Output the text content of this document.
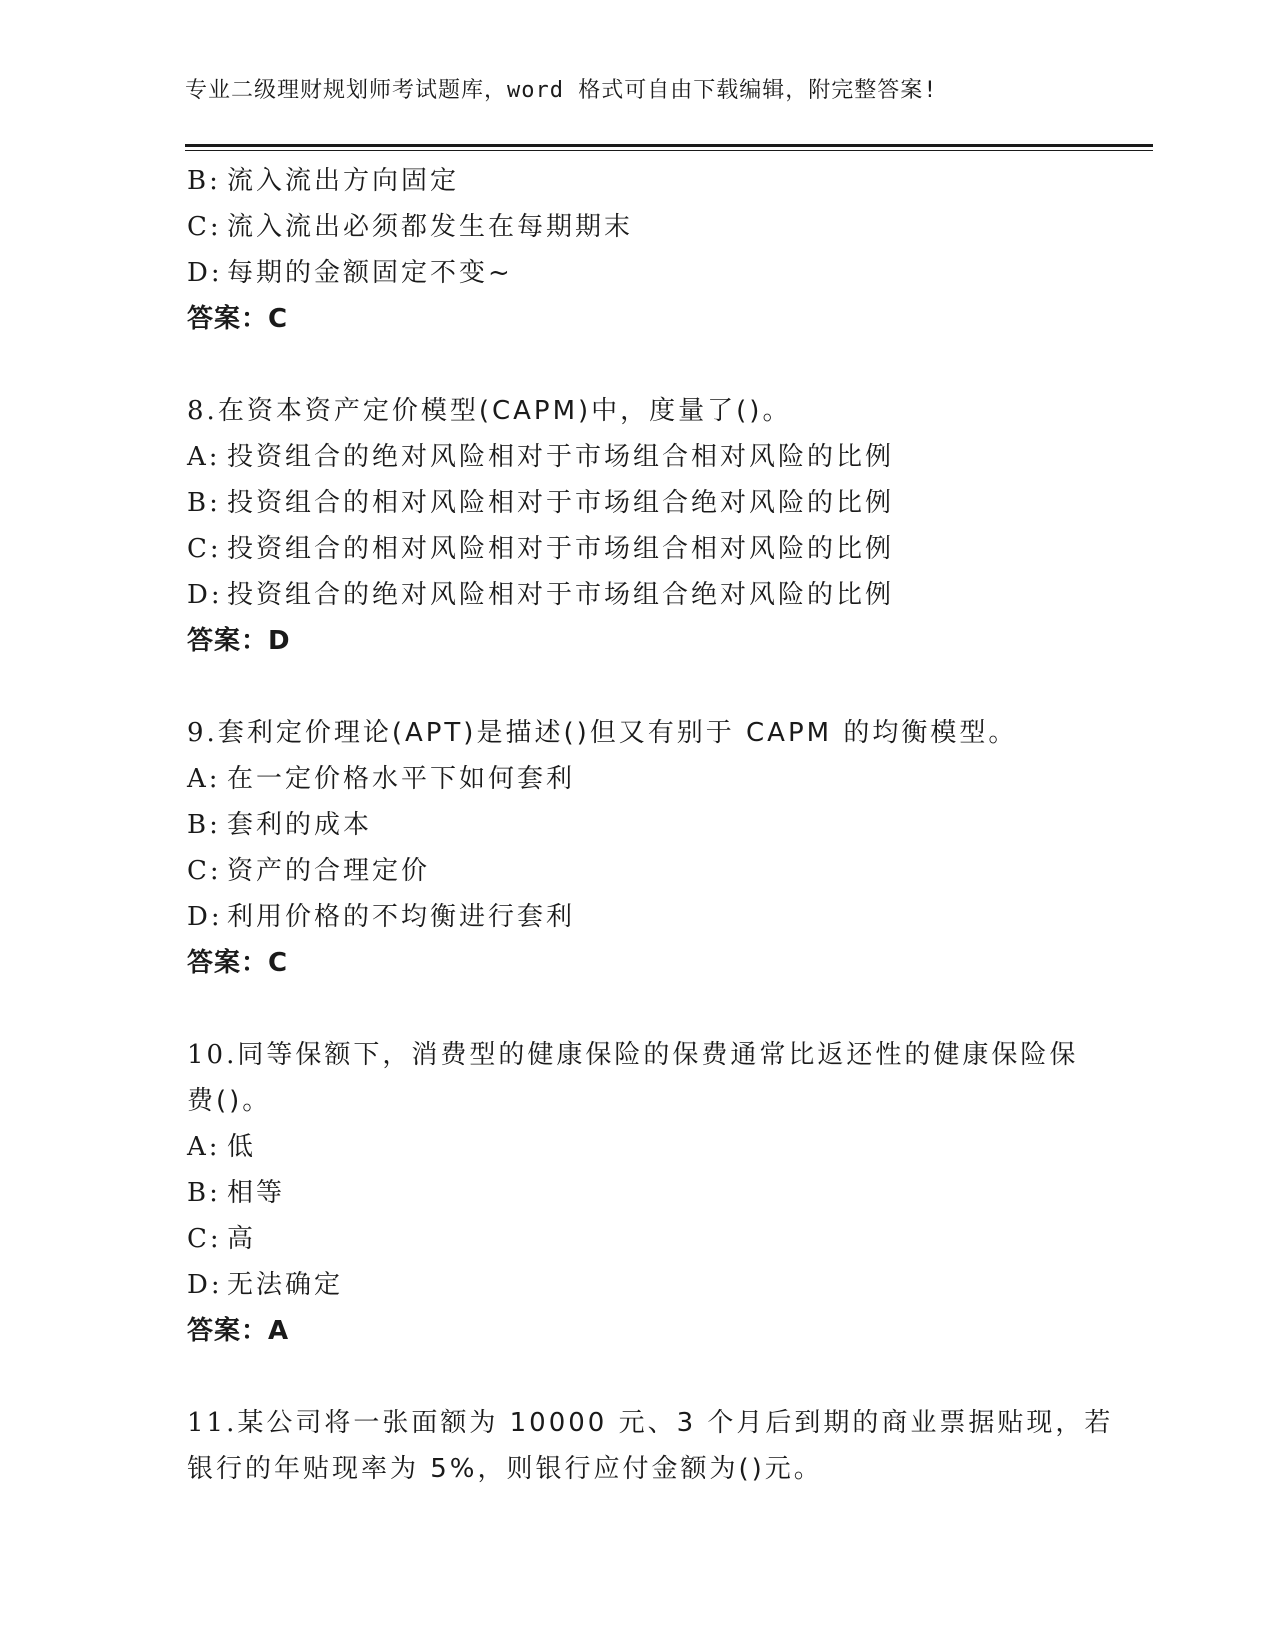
专业二级理财规划师考试题库，word 格式可自由下载编辑，附完整答案!
B: 流入流出方向固定
C: 流入流出必须都发生在每期期末
D: 每期的金额固定不变~
答案：C
8.在资本资产定价模型(CAPM)中，度量了()。
A: 投资组合的绝对风险相对于市场组合相对风险的比例
B: 投资组合的相对风险相对于市场组合绝对风险的比例
C: 投资组合的相对风险相对于市场组合相对风险的比例
D: 投资组合的绝对风险相对于市场组合绝对风险的比例
答案：D
9.套利定价理论(APT)是描述()但又有别于 CAPM 的均衡模型。
A: 在一定价格水平下如何套利
B: 套利的成本
C: 资产的合理定价
D: 利用价格的不均衡进行套利
答案：C
10.同等保额下，消费型的健康保险的保费通常比返还性的健康保险保
费()。
A: 低
B: 相等
C: 高
D: 无法确定
答案：A
11.某公司将一张面额为 10000 元、3 个月后到期的商业票据贴现，若
银行的年贴现率为 5%，则银行应付金额为()元。
